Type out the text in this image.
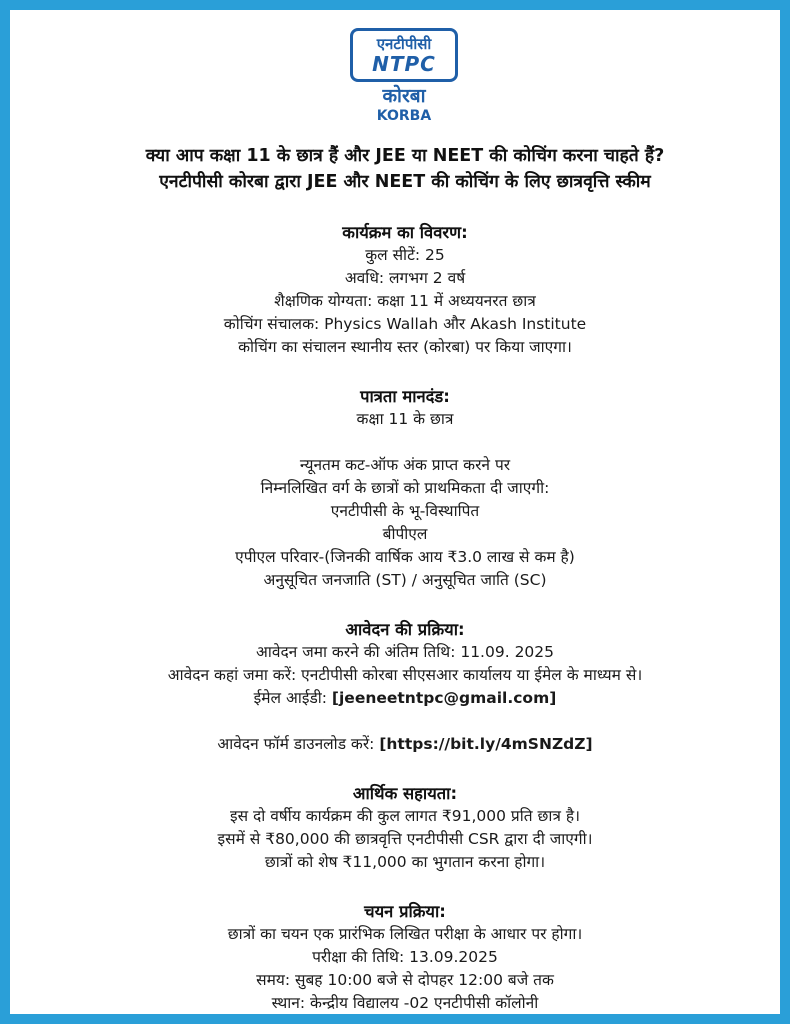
एनटीपीसी
NTPC
कोरबा
KORBA

क्या आप कक्षा 11 के छात्र हैं और JEE या NEET की कोचिंग करना चाहते हैं?

एनटीपीसी कोरबा द्वारा JEE और NEET की कोचिंग के लिए छात्रवृत्ति स्कीम

कार्यक्रम का विवरण:

कुल सीटें: 25

अवधि: लगभग 2 वर्ष

शैक्षणिक योग्यता: कक्षा 11 में अध्ययनरत छात्र

कोचिंग संचालक: Physics Wallah और Akash Institute

कोचिंग का संचालन स्थानीय स्तर (कोरबा) पर किया जाएगा।

पात्रता मानदंड:

कक्षा 11 के छात्र

न्यूनतम कट-ऑफ अंक प्राप्त करने पर

निम्नलिखित वर्ग के छात्रों को प्राथमिकता दी जाएगी:

एनटीपीसी के भू-विस्थापित

बीपीएल

एपीएल परिवार-(जिनकी वार्षिक आय ₹3.0 लाख से कम है)

अनुसूचित जनजाति (ST) / अनुसूचित जाति (SC)

आवेदन की प्रक्रिया:

आवेदन जमा करने की अंतिम तिथि: 11.09. 2025

आवेदन कहां जमा करें: एनटीपीसी कोरबा सीएसआर कार्यालय या ईमेल के माध्यम से।

ईमेल आईडी: [jeeneetntpc@gmail.com]

आवेदन फॉर्म डाउनलोड करें: [https://bit.ly/4mSNZdZ]

आर्थिक सहायता:

इस दो वर्षीय कार्यक्रम की कुल लागत ₹91,000 प्रति छात्र है।

इसमें से ₹80,000 की छात्रवृत्ति एनटीपीसी CSR द्वारा दी जाएगी।

छात्रों को शेष ₹11,000 का भुगतान करना होगा।

चयन प्रक्रिया:

छात्रों का चयन एक प्रारंभिक लिखित परीक्षा के आधार पर होगा।

परीक्षा की तिथि: 13.09.2025

समय: सुबह 10:00 बजे से दोपहर 12:00 बजे तक

स्थान: केन्द्रीय विद्यालय -02 एनटीपीसी कॉलोनी
